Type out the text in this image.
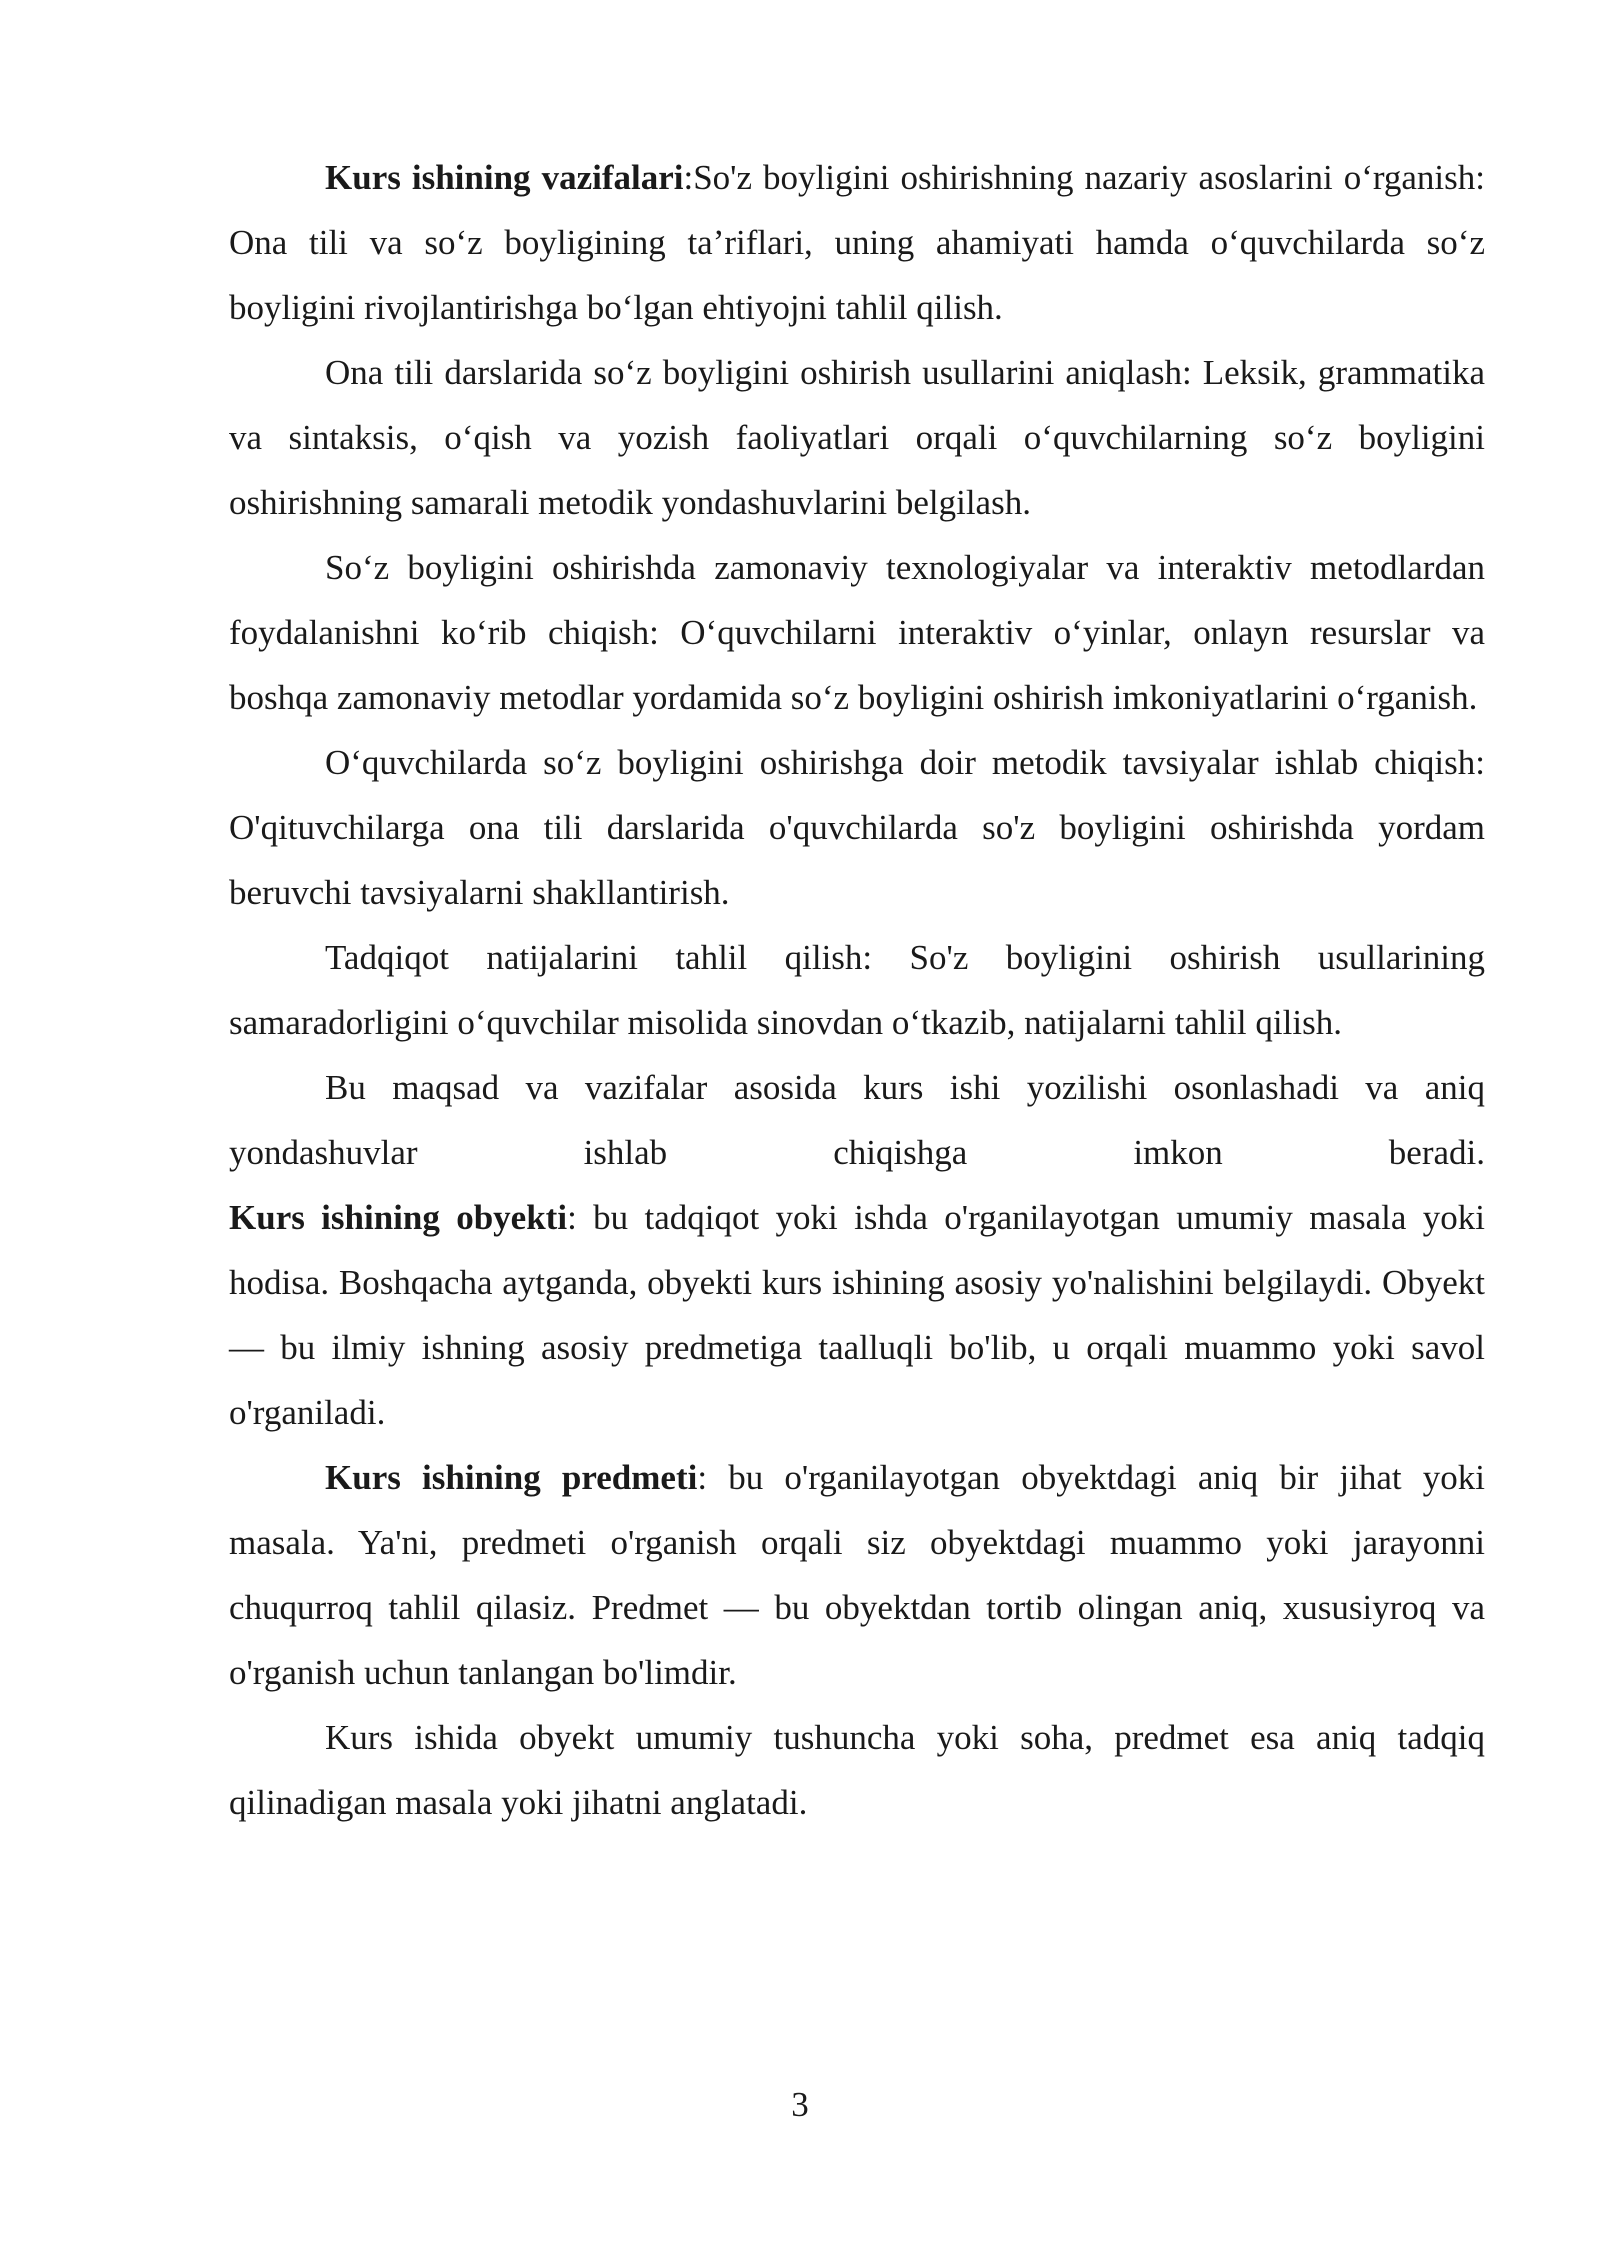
Kurs ishining vazifalari:So'z boyligini oshirishning nazariy asoslarini oʻrganish: Ona tili va soʻz boyligining taʼriflari, uning ahamiyati hamda oʻquvchilarda soʻz boyligini rivojlantirishga boʻlgan ehtiyojni tahlil qilish.

Ona tili darslarida soʻz boyligini oshirish usullarini aniqlash: Leksik, grammatika va sintaksis, oʻqish va yozish faoliyatlari orqali oʻquvchilarning soʻz boyligini oshirishning samarali metodik yondashuvlarini belgilash.

Soʻz boyligini oshirishda zamonaviy texnologiyalar va interaktiv metodlardan foydalanishni koʻrib chiqish: Oʻquvchilarni interaktiv oʻyinlar, onlayn resurslar va boshqa zamonaviy metodlar yordamida soʻz boyligini oshirish imkoniyatlarini oʻrganish.

Oʻquvchilarda soʻz boyligini oshirishga doir metodik tavsiyalar ishlab chiqish: O'qituvchilarga ona tili darslarida o'quvchilarda so'z boyligini oshirishda yordam beruvchi tavsiyalarni shakllantirish.

Tadqiqot natijalarini tahlil qilish: So'z boyligini oshirish usullarining samaradorligini oʻquvchilar misolida sinovdan oʻtkazib, natijalarni tahlil qilish.

Bu maqsad va vazifalar asosida kurs ishi yozilishi osonlashadi va aniq yondashuvlar ishlab chiqishga imkon beradi.

Kurs ishining obyekti: bu tadqiqot yoki ishda o'rganilayotgan umumiy masala yoki hodisa. Boshqacha aytganda, obyekti kurs ishining asosiy yo'nalishini belgilaydi. Obyekt — bu ilmiy ishning asosiy predmetiga taalluqli bo'lib, u orqali muammo yoki savol o'rganiladi.

Kurs ishining predmeti: bu o'rganilayotgan obyektdagi aniq bir jihat yoki masala. Ya'ni, predmeti o'rganish orqali siz obyektdagi muammo yoki jarayonni chuqurroq tahlil qilasiz. Predmet — bu obyektdan tortib olingan aniq, xususiyroq va o'rganish uchun tanlangan bo'limdir.

Kurs ishida obyekt umumiy tushuncha yoki soha, predmet esa aniq tadqiq qilinadigan masala yoki jihatni anglatadi.

3
